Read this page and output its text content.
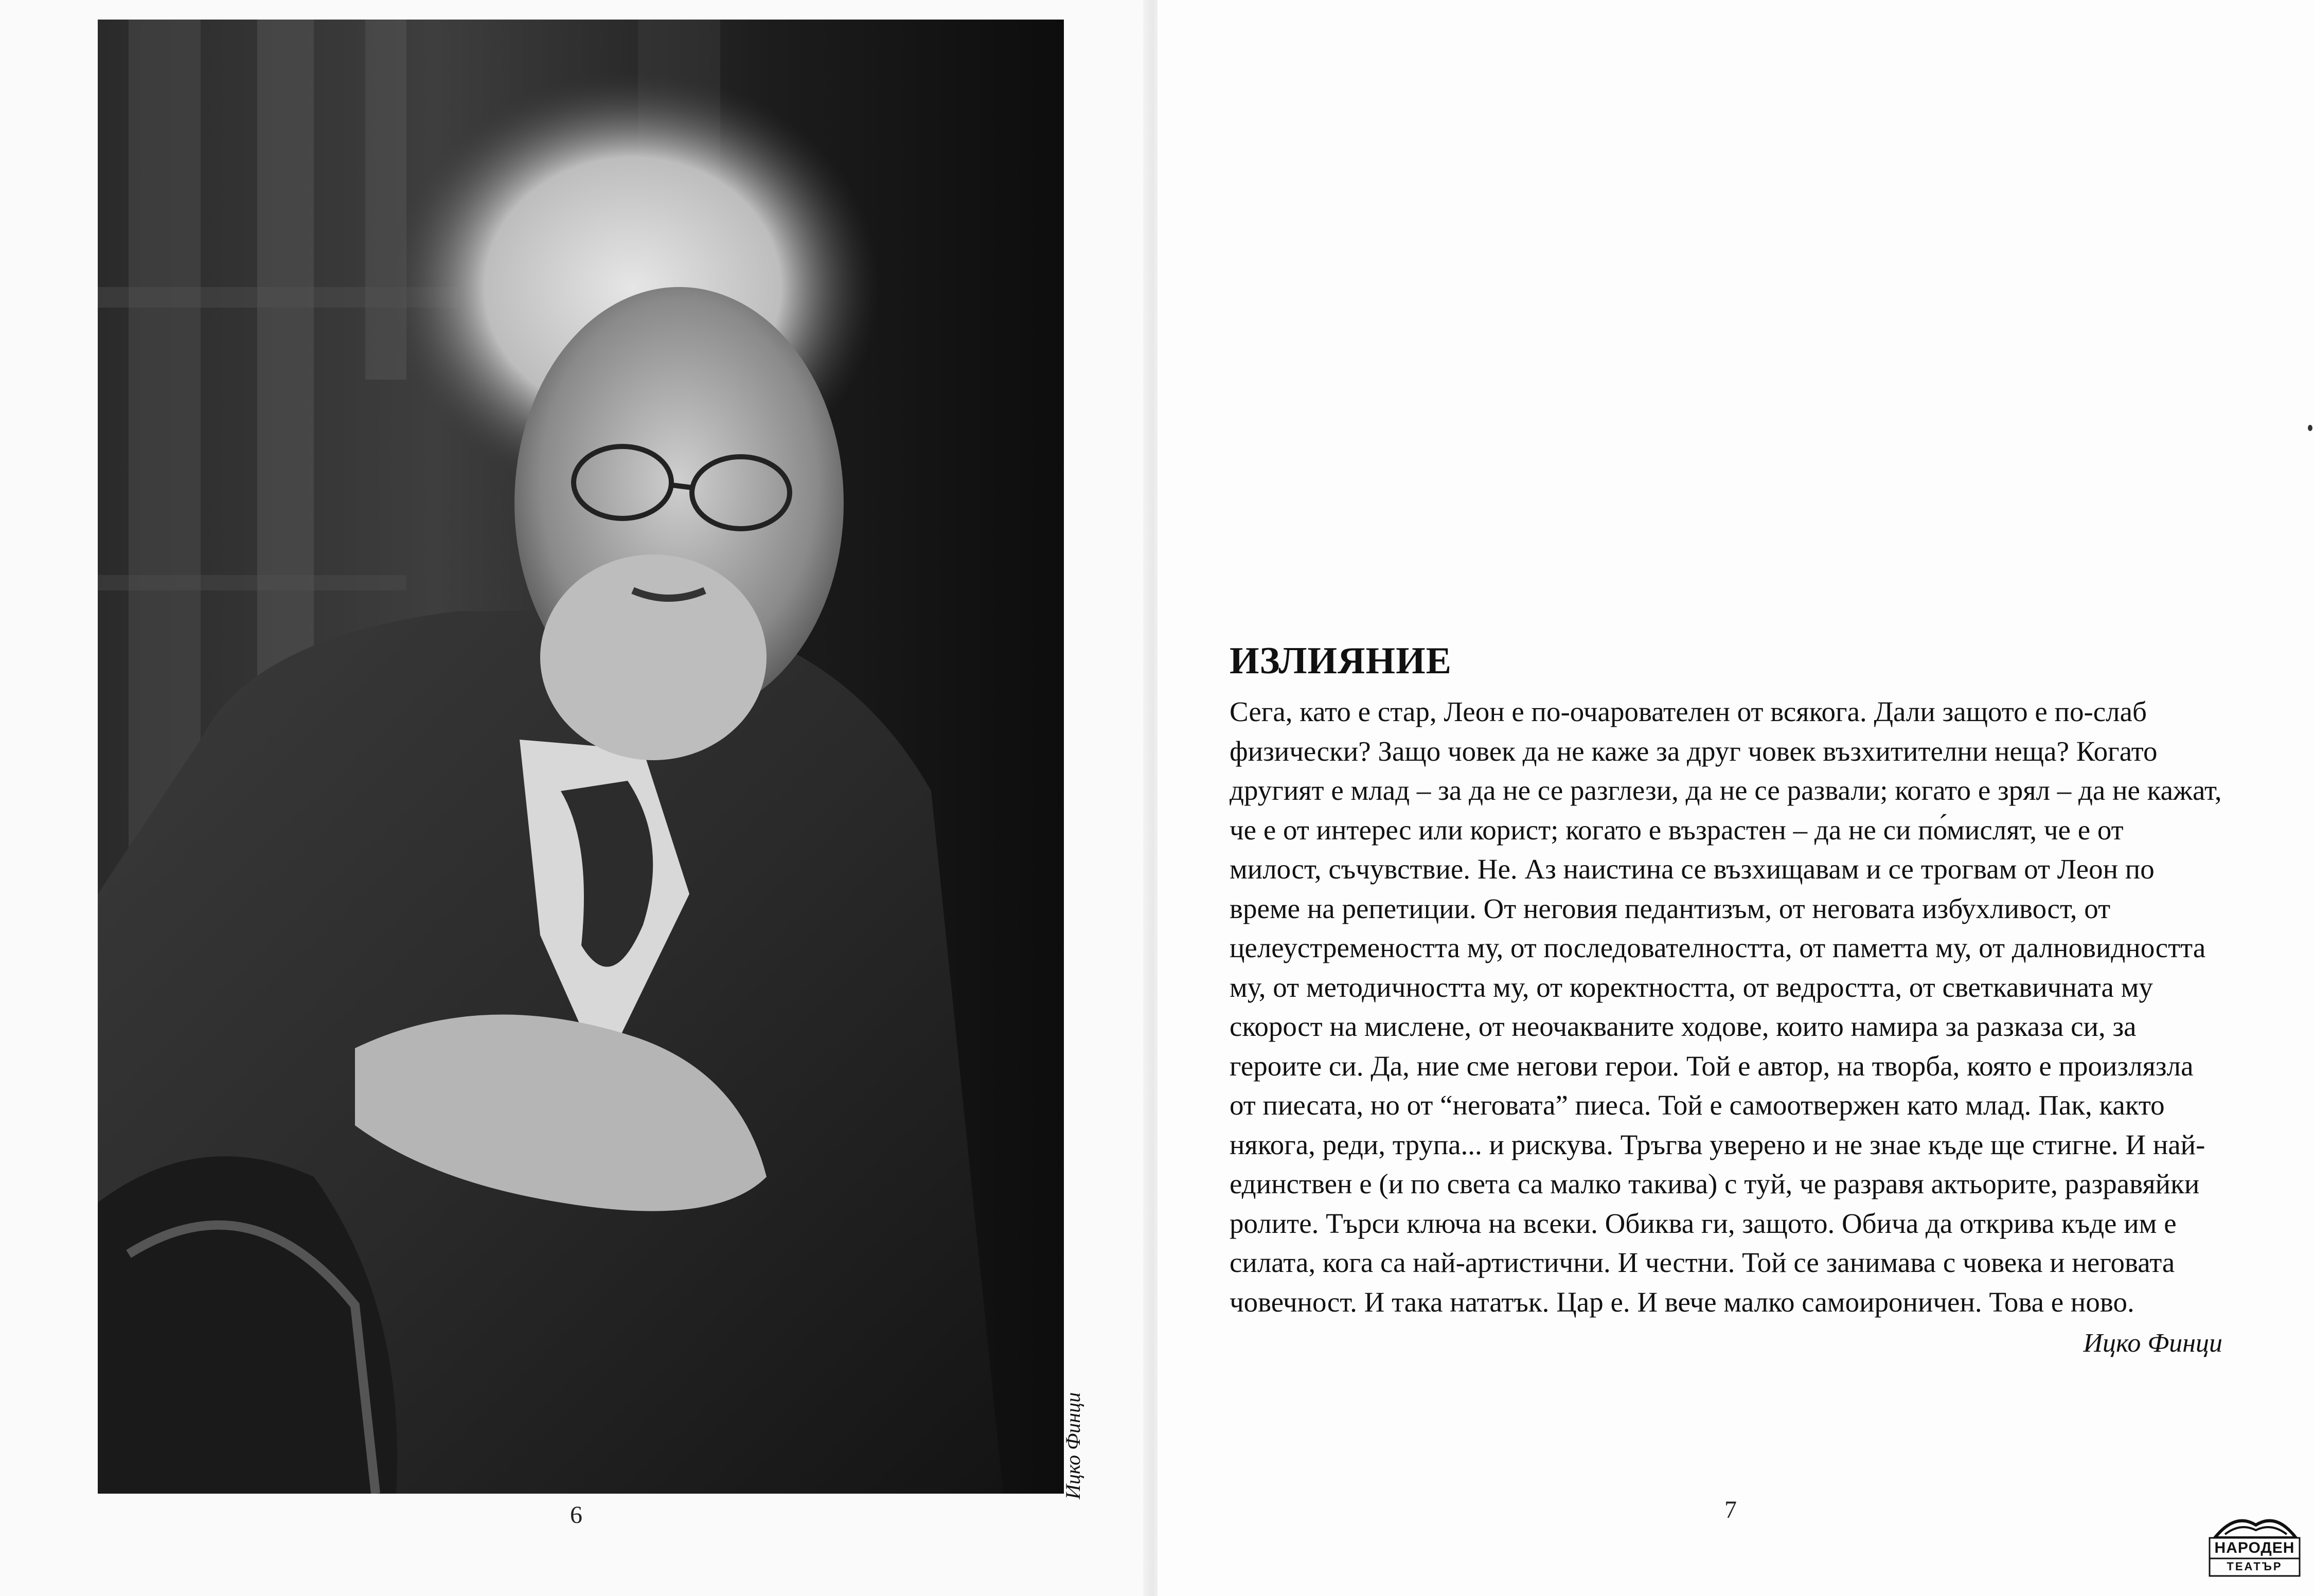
Ицко Финци
6
ИЗЛИЯНИЕ
Сега, като е стар, Леон е по-очарователен от всякога. Дали защото е по-слаб физически? Защо човек да не каже за друг човек възхитителни неща? Когато другият е млад – за да не се разглези, да не се развали; когато е зрял – да не кажат, че е от интерес или корист; когато е възрастен – да не си по́мислят, че е от милост, съчувствие. Не. Аз наистина се възхищавам и се трогвам от Леон по време на репетиции. От неговия педантизъм, от неговата избухливост, от целеустремеността му, от последователността, от паметта му, от далновидността му, от методичността му, от коректността, от ведростта, от светкавичната му скорост на мислене, от неочакваните ходове, които намира за разказа си, за героите си. Да, ние сме негови герои. Той е автор, на творба, която е произлязла от пиесата, но от “неговата” пиеса. Той е самоотвержен като млад. Пак, както някога, реди, трупа... и рискува. Тръгва уверено и не знае къде ще стигне. И най-единствен е (и по света са малко такива) с туй, че разравя актьорите, разравяйки ролите. Търси ключа на всеки. Обиква ги, защото. Обича да открива къде им е силата, кога са най-артистични. И честни. Той се занимава с човека и неговата човечност. И така нататък. Цар е. И вече малко самоироничен. Това е ново.
Ицко Финци
7
НАРОДЕН
ТЕАТЪР
